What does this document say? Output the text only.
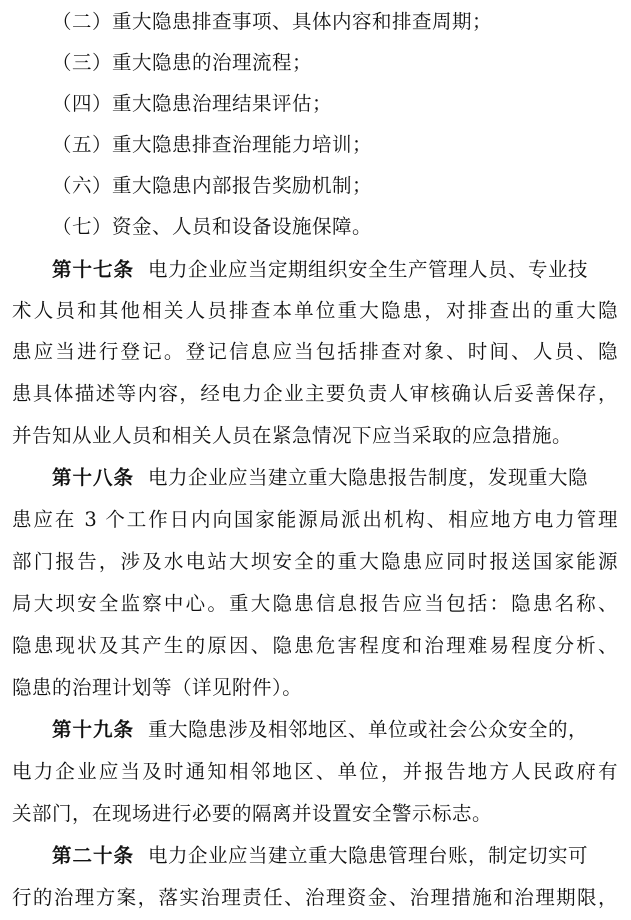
（二）重大隐患排查事项、具体内容和排查周期；
（三）重大隐患的治理流程；
（四）重大隐患治理结果评估；
（五）重大隐患排查治理能力培训；
（六）重大隐患内部报告奖励机制；
（七）资金、人员和设备设施保障。
第十七条 电力企业应当定期组织安全生产管理人员、专业技
术人员和其他相关人员排查本单位重大隐患，对排查出的重大隐
患应当进行登记。登记信息应当包括排查对象、时间、人员、隐
患具体描述等内容，经电力企业主要负责人审核确认后妥善保存，
并告知从业人员和相关人员在紧急情况下应当采取的应急措施。
第十八条 电力企业应当建立重大隐患报告制度，发现重大隐
患应在 3 个工作日内向国家能源局派出机构、相应地方电力管理
部门报告，涉及水电站大坝安全的重大隐患应同时报送国家能源
局大坝安全监察中心。重大隐患信息报告应当包括：隐患名称、
隐患现状及其产生的原因、隐患危害程度和治理难易程度分析、
隐患的治理计划等（详见附件）。
第十九条 重大隐患涉及相邻地区、单位或社会公众安全的，
电力企业应当及时通知相邻地区、单位，并报告地方人民政府有
关部门，在现场进行必要的隔离并设置安全警示标志。
第二十条 电力企业应当建立重大隐患管理台账，制定切实可
行的治理方案，落实治理责任、治理资金、治理措施和治理期限，
